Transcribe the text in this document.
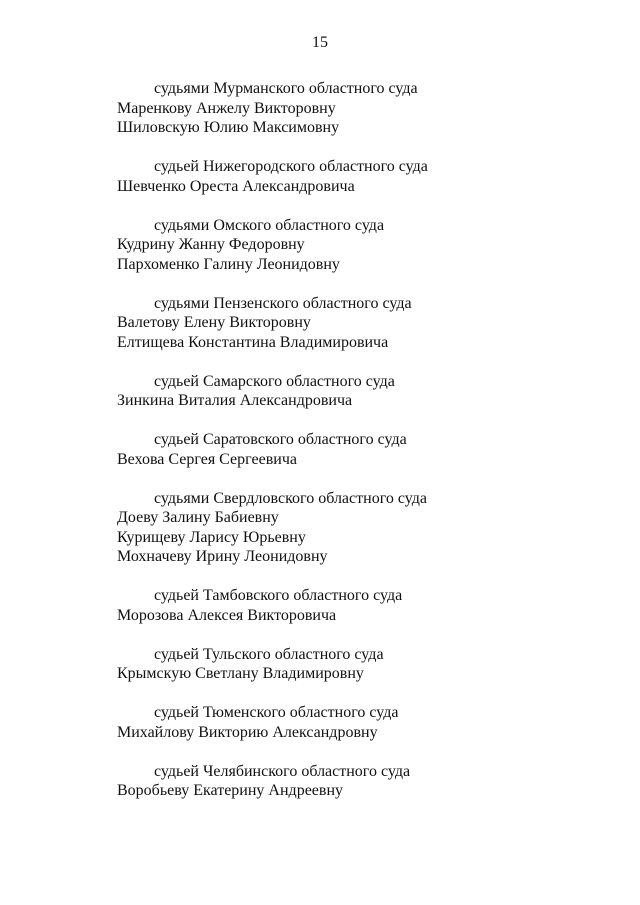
15
судьями Мурманского областного суда
Маренкову Анжелу Викторовну
Шиловскую Юлию Максимовну
судьей Нижегородского областного суда
Шевченко Ореста Александровича
судьями Омского областного суда
Кудрину Жанну Федоровну
Пархоменко Галину Леонидовну
судьями Пензенского областного суда
Валетову Елену Викторовну
Елтищева Константина Владимировича
судьей Самарского областного суда
Зинкина Виталия Александровича
судьей Саратовского областного суда
Вехова Сергея Сергеевича
судьями Свердловского областного суда
Доеву Залину Бабиевну
Курищеву Ларису Юрьевну
Мохначеву Ирину Леонидовну
судьей Тамбовского областного суда
Морозова Алексея Викторовича
судьей Тульского областного суда
Крымскую Светлану Владимировну
судьей Тюменского областного суда
Михайлову Викторию Александровну
судьей Челябинского областного суда
Воробьеву Екатерину Андреевну
